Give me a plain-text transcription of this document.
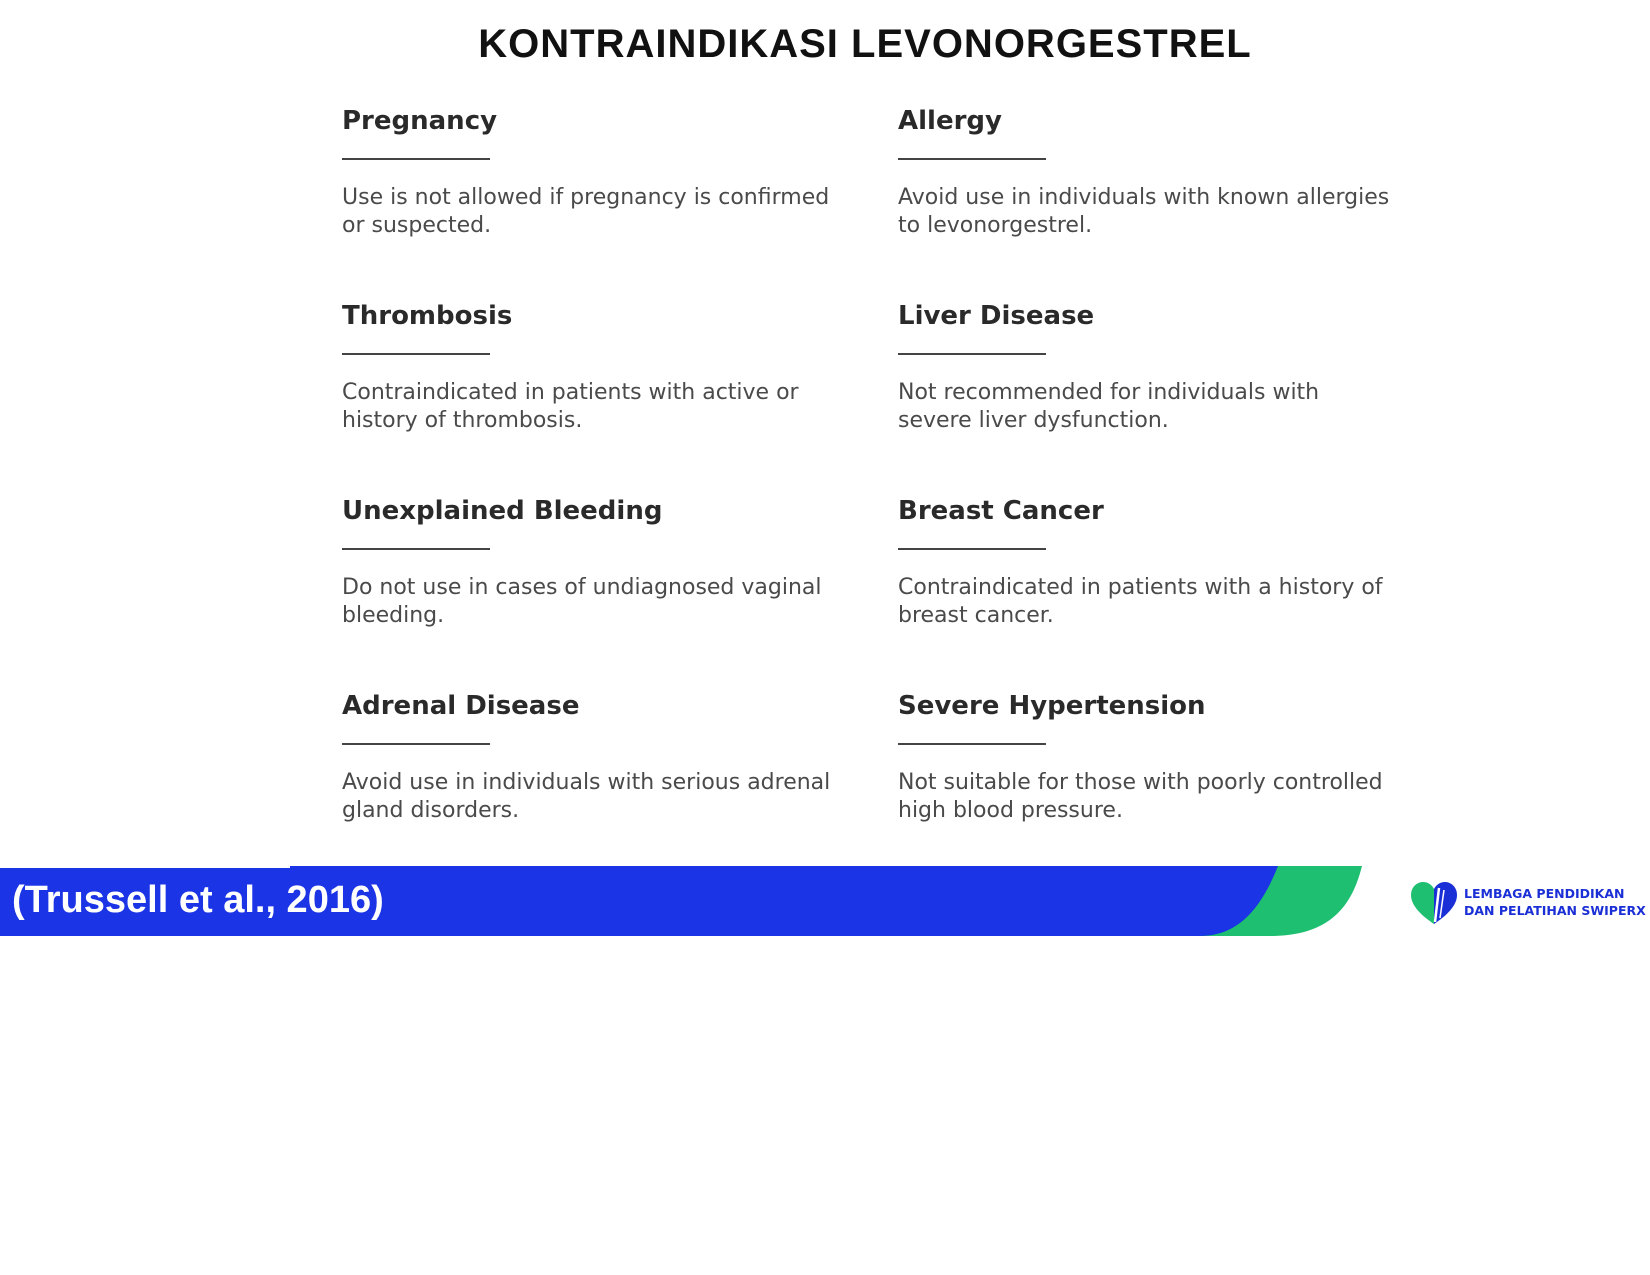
KONTRAINDIKASI LEVONORGESTREL
Pregnancy
Use is not allowed if pregnancy is confirmed or suspected.
Allergy
Avoid use in individuals with known allergies to levonorgestrel.
Thrombosis
Contraindicated in patients with active or history of thrombosis.
Liver Disease
Not recommended for individuals with severe liver dysfunction.
Unexplained Bleeding
Do not use in cases of undiagnosed vaginal bleeding.
Breast Cancer
Contraindicated in patients with a history of breast cancer.
Adrenal Disease
Avoid use in individuals with serious adrenal gland disorders.
Severe Hypertension
Not suitable for those with poorly controlled high blood pressure.
(Trussell et al., 2016)	LEMBAGA PENDIDIKAN
DAN PELATIHAN SWIPERX
